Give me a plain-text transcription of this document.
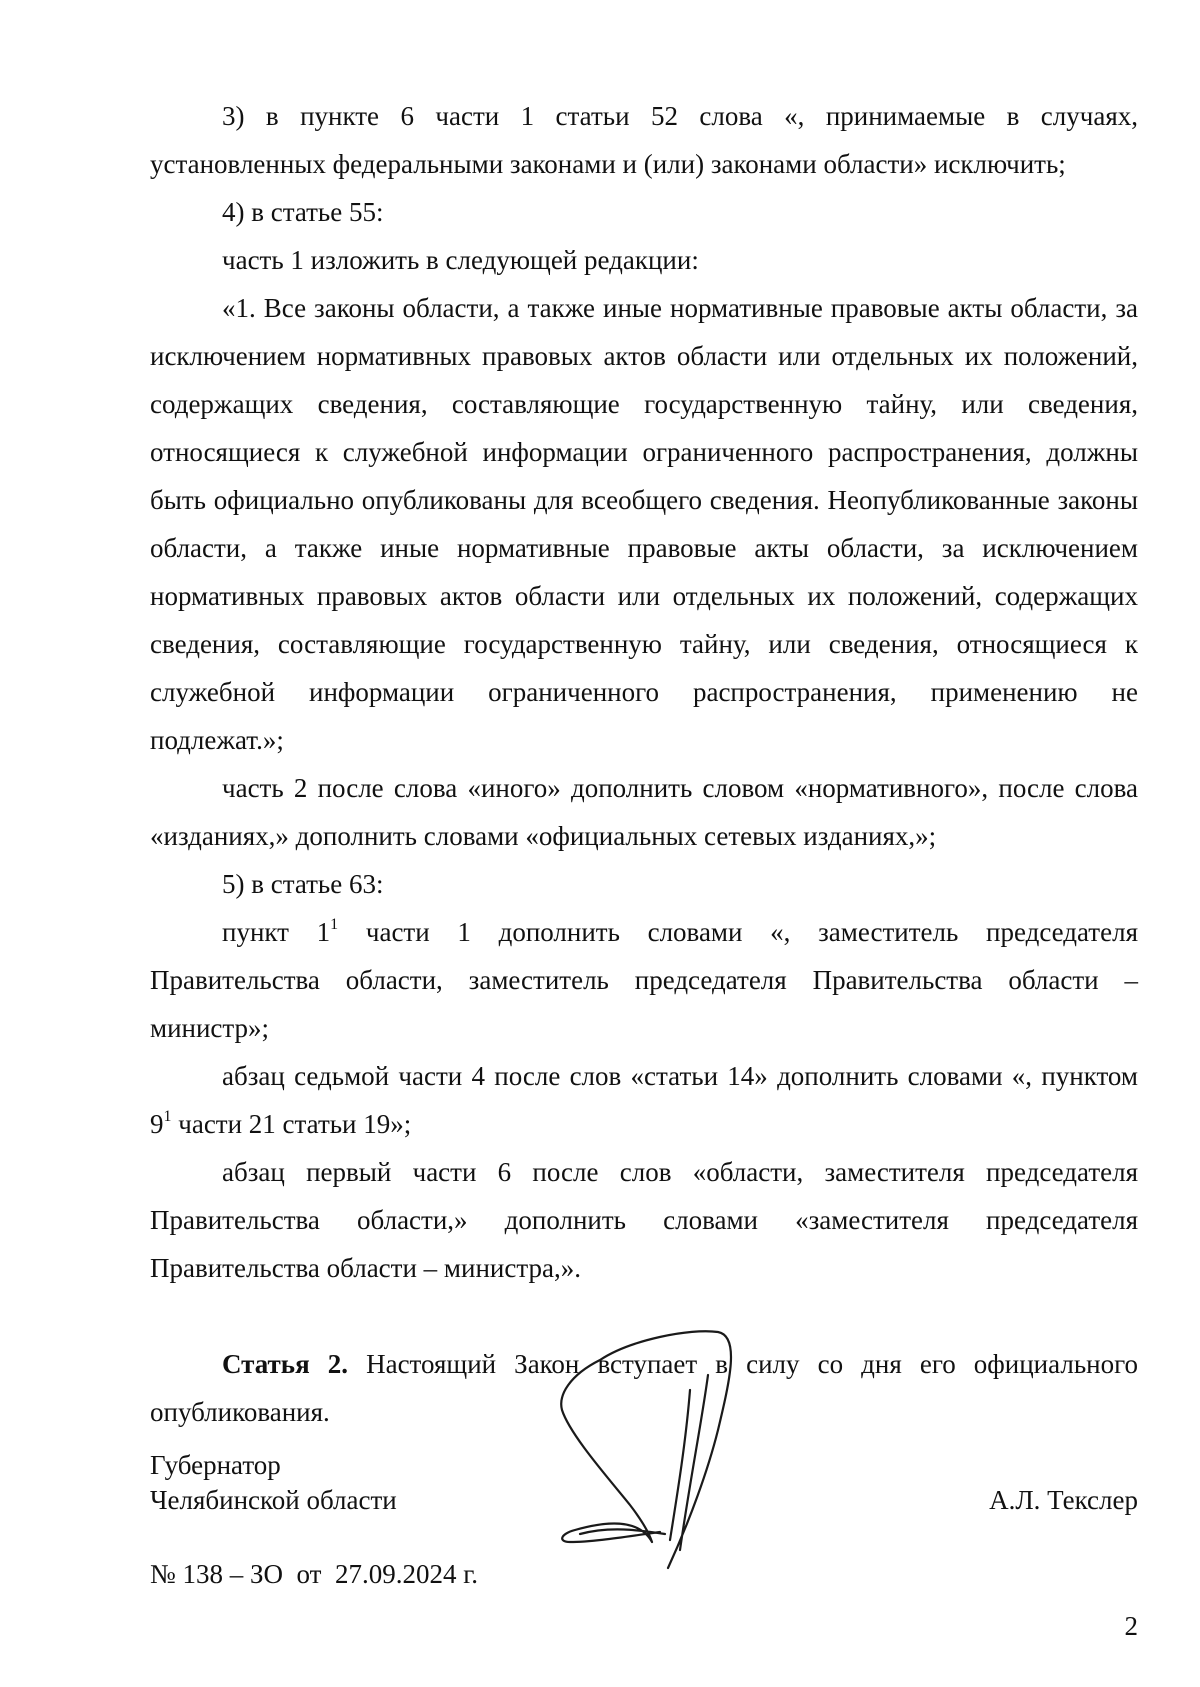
3) в пункте 6 части 1 статьи 52 слова «, принимаемые в случаях, установленных федеральными законами и (или) законами области» исключить;

4) в статье 55:

часть 1 изложить в следующей редакции:

«1. Все законы области, а также иные нормативные правовые акты области, за исключением нормативных правовых актов области или отдельных их положений, содержащих сведения, составляющие государственную тайну, или сведения, относящиеся к служебной информации ограниченного распространения, должны быть официально опубликованы для всеобщего сведения. Неопубликованные законы области, а также иные нормативные правовые акты области, за исключением нормативных правовых актов области или отдельных их положений, содержащих сведения, составляющие государственную тайну, или сведения, относящиеся к служебной информации ограниченного распространения, применению не подлежат.»;

часть 2 после слова «иного» дополнить словом «нормативного», после слова «изданиях,» дополнить словами «официальных сетевых изданиях,»;

5) в статье 63:

пункт $1^1$ части 1 дополнить словами «, заместитель председателя Правительства области, заместитель председателя Правительства области – министр»;

абзац седьмой части 4 после слов «статьи 14» дополнить словами «, пунктом $9^1$ части 21 статьи 19»;

абзац первый части 6 после слов «области, заместителя председателя Правительства области,» дополнить словами «заместителя председателя Правительства области – министра,».

Статья 2. Настоящий Закон вступает в силу со дня его официального опубликования.

Губернатор
Челябинской области	А.Л. Текслер
№ 138 – ЗО  от  27.09.2024 г.
2
